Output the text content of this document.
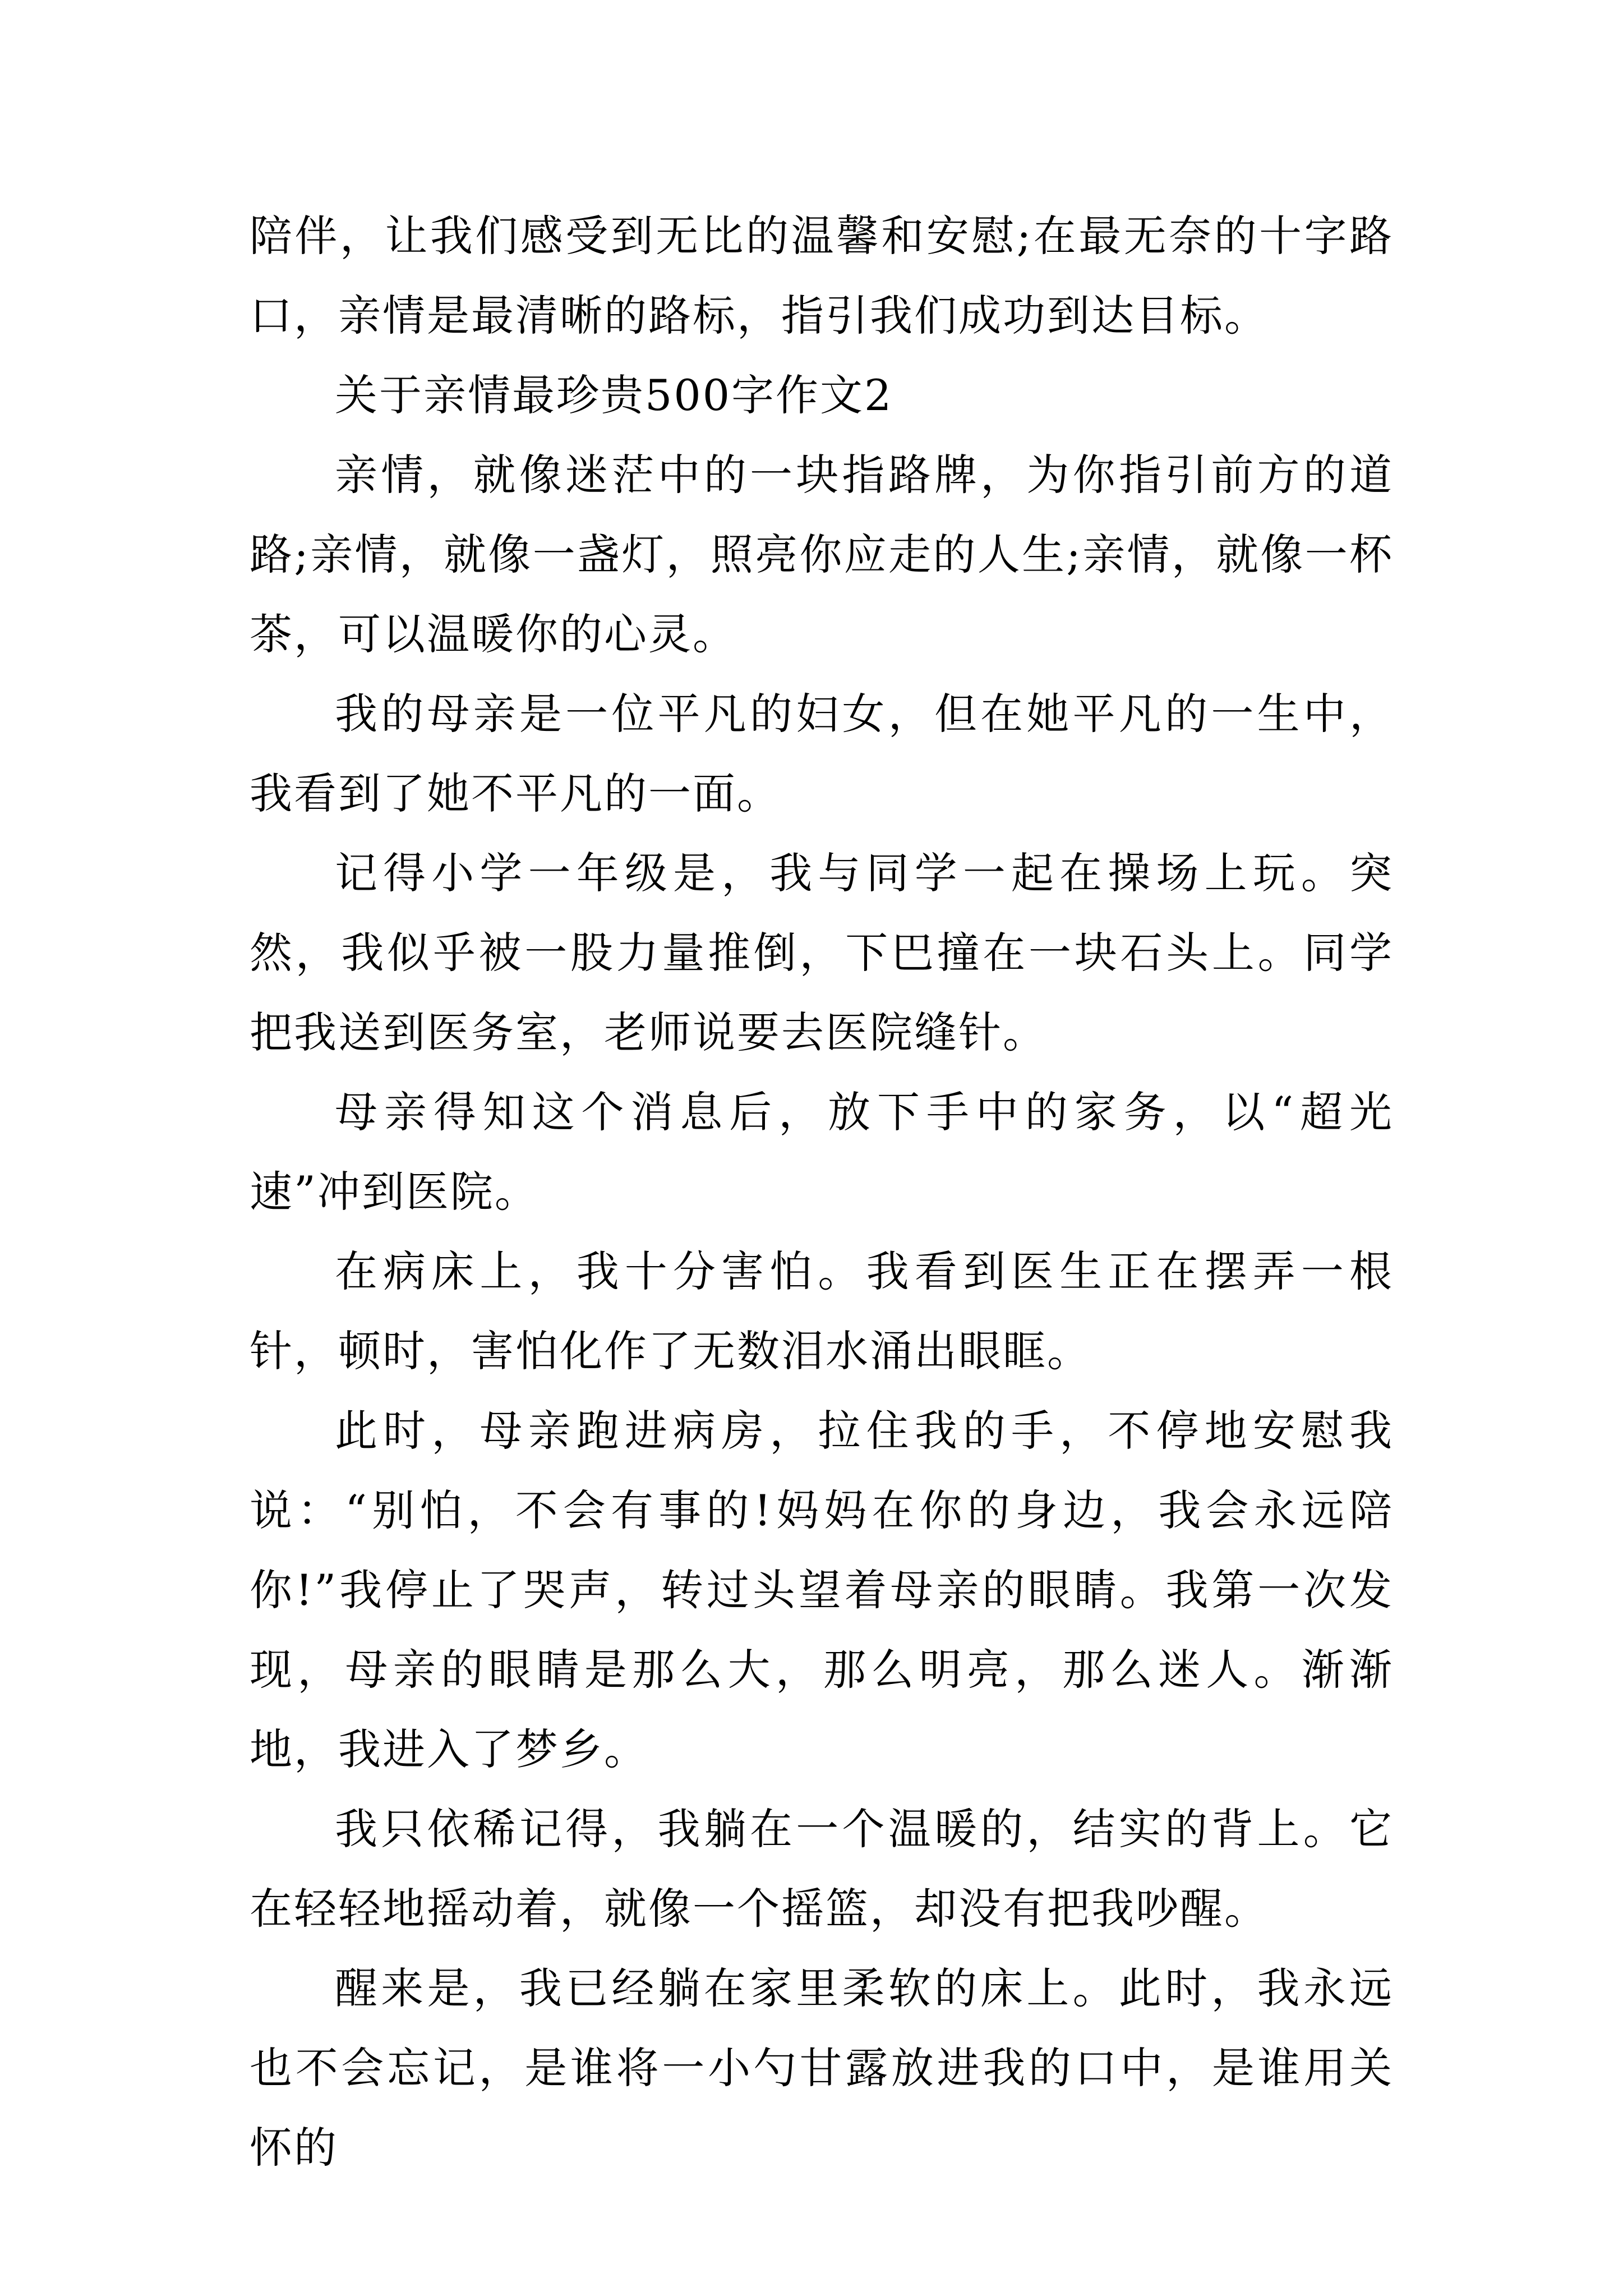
陪伴，让我们感受到无比的温馨和安慰;在最无奈的十字路口，亲情是最清晰的路标，指引我们成功到达目标。

关于亲情最珍贵500字作文2

亲情，就像迷茫中的一块指路牌，为你指引前方的道路;亲情，就像一盏灯，照亮你应走的人生;亲情，就像一杯茶，可以温暖你的心灵。

我的母亲是一位平凡的妇女，但在她平凡的一生中，我看到了她不平凡的一面。

记得小学一年级是，我与同学一起在操场上玩。突然，我似乎被一股力量推倒，下巴撞在一块石头上。同学把我送到医务室，老师说要去医院缝针。

母亲得知这个消息后，放下手中的家务，以“超光速”冲到医院。

在病床上，我十分害怕。我看到医生正在摆弄一根针，顿时，害怕化作了无数泪水涌出眼眶。

此时，母亲跑进病房，拉住我的手，不停地安慰我说：“别怕，不会有事的!妈妈在你的身边，我会永远陪你!”我停止了哭声，转过头望着母亲的眼睛。我第一次发现，母亲的眼睛是那么大，那么明亮，那么迷人。渐渐地，我进入了梦乡。

我只依稀记得，我躺在一个温暖的，结实的背上。它在轻轻地摇动着，就像一个摇篮，却没有把我吵醒。

醒来是，我已经躺在家里柔软的床上。此时，我永远也不会忘记，是谁将一小勺甘露放进我的口中，是谁用关怀的
